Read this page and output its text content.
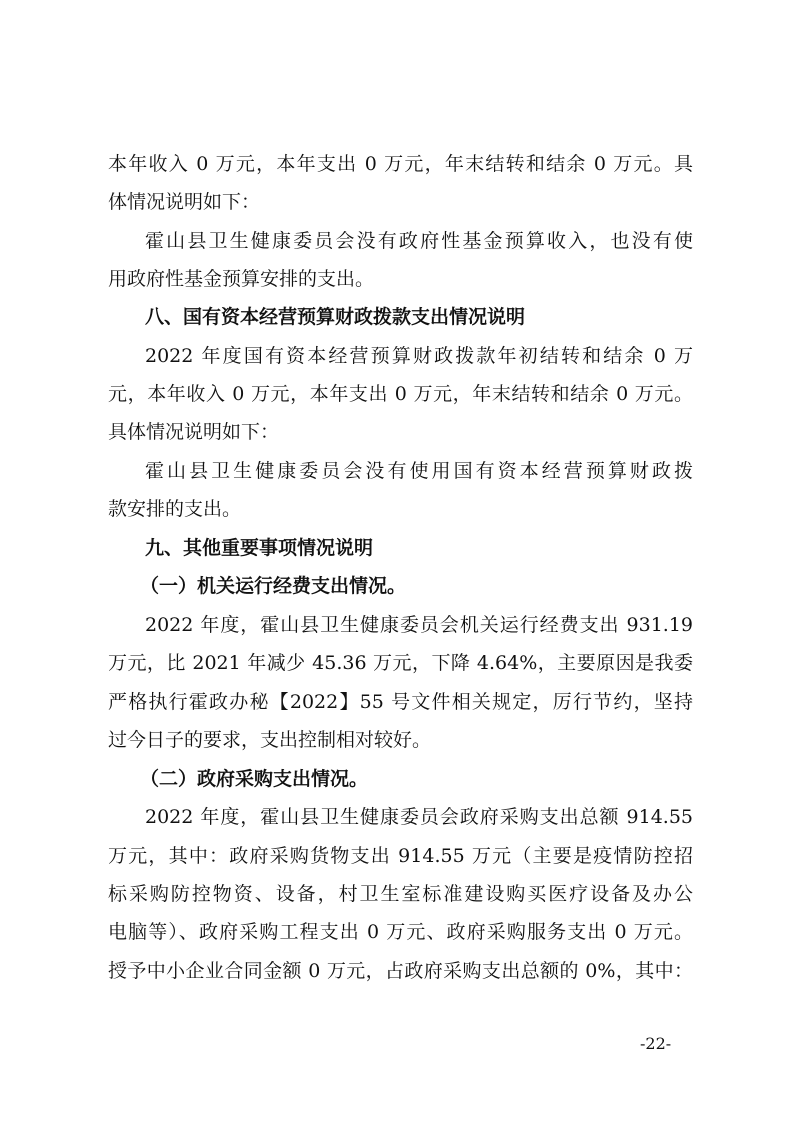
本年收入 0 万元，本年支出 0 万元，年末结转和结余 0 万元。具

体情况说明如下：

霍山县卫生健康委员会没有政府性基金预算收入，也没有使

用政府性基金预算安排的支出。

八、国有资本经营预算财政拨款支出情况说明

2022 年度国有资本经营预算财政拨款年初结转和结余 0 万

元，本年收入 0 万元，本年支出 0 万元，年末结转和结余 0 万元。

具体情况说明如下：

霍山县卫生健康委员会没有使用国有资本经营预算财政拨

款安排的支出。

九、其他重要事项情况说明

（一）机关运行经费支出情况。

2022 年度，霍山县卫生健康委员会机关运行经费支出 931.19

万元，比 2021 年减少 45.36 万元，下降 4.64%，主要原因是我委

严格执行霍政办秘【2022】55 号文件相关规定，厉行节约，坚持

过今日子的要求，支出控制相对较好。

（二）政府采购支出情况。

2022 年度，霍山县卫生健康委员会政府采购支出总额 914.55

万元，其中：政府采购货物支出 914.55 万元（主要是疫情防控招

标采购防控物资、设备，村卫生室标准建设购买医疗设备及办公

电脑等）、政府采购工程支出 0 万元、政府采购服务支出 0 万元。

授予中小企业合同金额 0 万元，占政府采购支出总额的 0%，其中：

-22-
